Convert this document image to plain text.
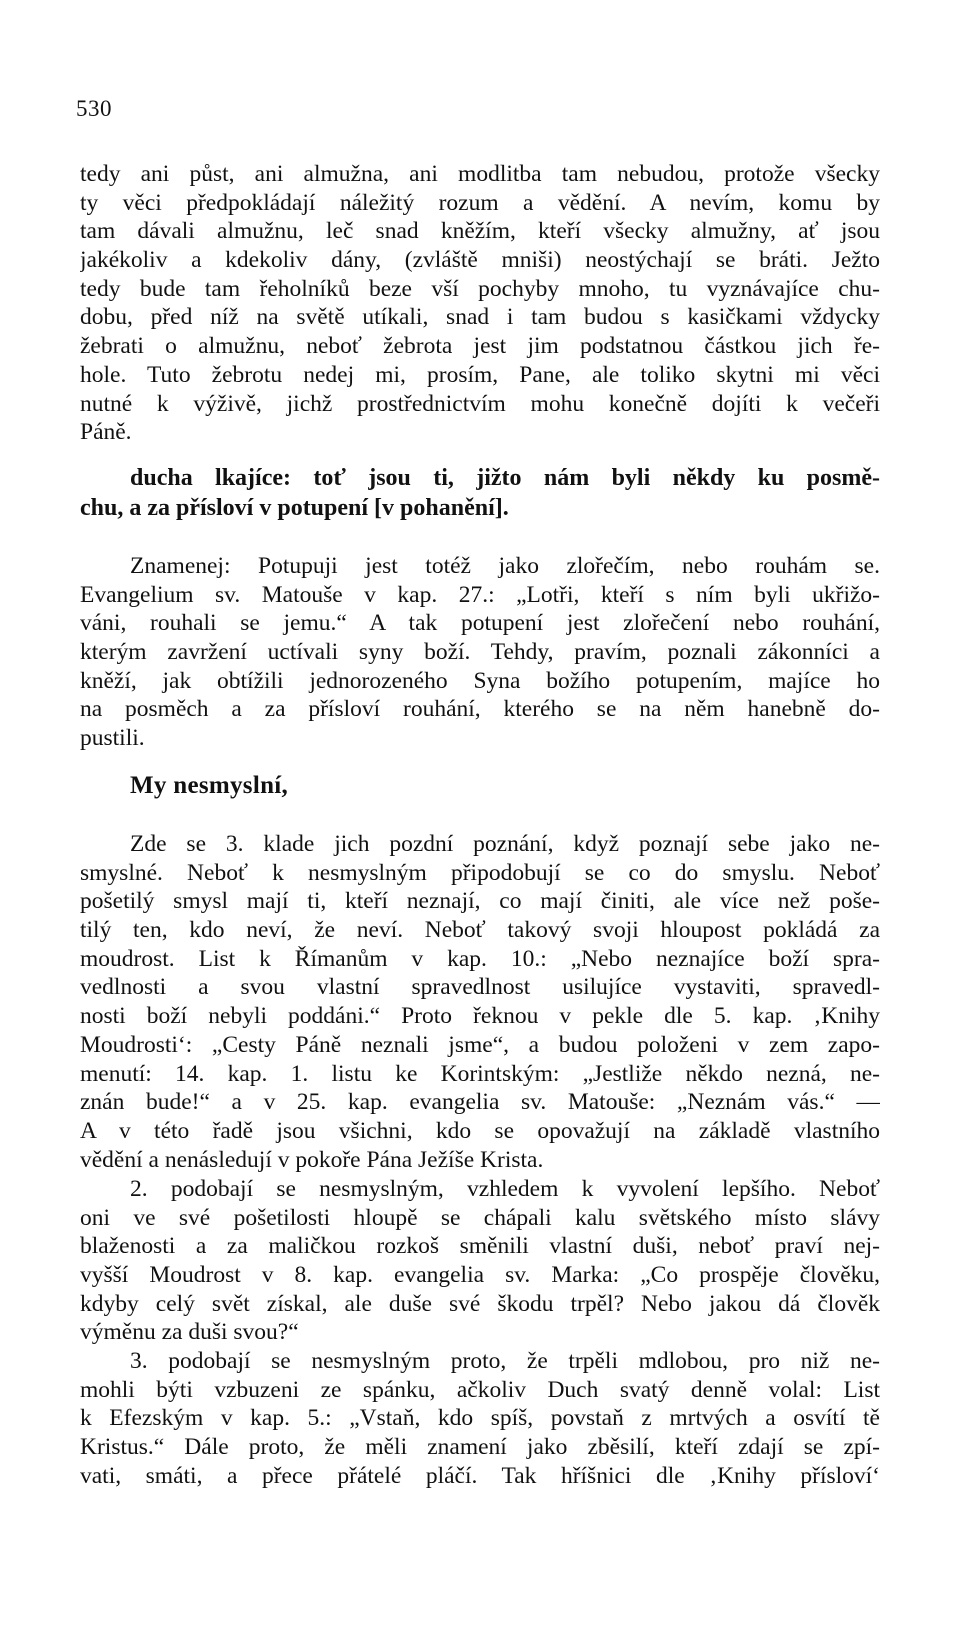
530
tedy ani půst, ani almužna, ani modlitba tam nebudou, protože všecky
ty věci předpokládají náležitý rozum a vědění. A nevím, komu by
tam dávali almužnu, leč snad kněžím, kteří všecky almužny, ať jsou
jakékoliv a kdekoliv dány, (zvláště mniši) neostýchají se bráti. Ježto
tedy bude tam řeholníků beze vší pochyby mnoho, tu vyznávajíce chu-
dobu, před níž na světě utíkali, snad i tam budou s kasičkami vždycky
žebrati o almužnu, neboť žebrota jest jim podstatnou částkou jich ře-
hole. Tuto žebrotu nedej mi, prosím, Pane, ale toliko skytni mi věci
nutné k výživě, jichž prostřednictvím mohu konečně dojíti k večeři
Páně.
ducha lkajíce: toť jsou ti, jižto nám byli někdy ku posmě-
chu, a za přísloví v potupení [v pohanění].
Znamenej: Potupuji jest totéž jako zlořečím, nebo rouhám se.
Evangelium sv. Matouše v kap. 27.: „Lotři, kteří s ním byli ukřižo-
váni, rouhali se jemu.“ A tak potupení jest zlořečení nebo rouhání,
kterým zavržení uctívali syny boží. Tehdy, pravím, poznali zákonníci a
kněží, jak obtížili jednorozeného Syna božího potupením, majíce ho
na posměch a za přísloví rouhání, kterého se na něm hanebně do-
pustili.
My nesmyslní,
Zde se 3. klade jich pozdní poznání, když poznají sebe jako ne-
smyslné. Neboť k nesmyslným připodobují se co do smyslu. Neboť
pošetilý smysl mají ti, kteří neznají, co mají činiti, ale více než poše-
tilý ten, kdo neví, že neví. Neboť takový svoji hloupost pokládá za
moudrost. List k Římanům v kap. 10.: „Nebo neznajíce boží spra-
vedlnosti a svou vlastní spravedlnost usilujíce vystaviti, spravedl-
nosti boží nebyli poddáni.“ Proto řeknou v pekle dle 5. kap. ‚Knihy
Moudrosti‘: „Cesty Páně neznali jsme“, a budou položeni v zem zapo-
menutí: 14. kap. 1. listu ke Korintským: „Jestliže někdo nezná, ne-
znán bude!“ a v 25. kap. evangelia sv. Matouše: „Neznám vás.“ —
A v této řadě jsou všichni, kdo se opovažují na základě vlastního
vědění a nenásledují v pokoře Pána Ježíše Krista.
2. podobají se nesmyslným, vzhledem k vyvolení lepšího. Neboť
oni ve své pošetilosti hloupě se chápali kalu světského místo slávy
blaženosti a za maličkou rozkoš směnili vlastní duši, neboť praví nej-
vyšší Moudrost v 8. kap. evangelia sv. Marka: „Co prospěje člověku,
kdyby celý svět získal, ale duše své škodu trpěl? Nebo jakou dá člověk
výměnu za duši svou?“
3. podobají se nesmyslným proto, že trpěli mdlobou, pro niž ne-
mohli býti vzbuzeni ze spánku, ačkoliv Duch svatý denně volal: List
k Efezským v kap. 5.: „Vstaň, kdo spíš, povstaň z mrtvých a osvítí tě
Kristus.“ Dále proto, že měli znamení jako zběsilí, kteří zdají se zpí-
vati, smáti, a přece přátelé pláčí. Tak hříšnici dle ‚Knihy přísloví‘
